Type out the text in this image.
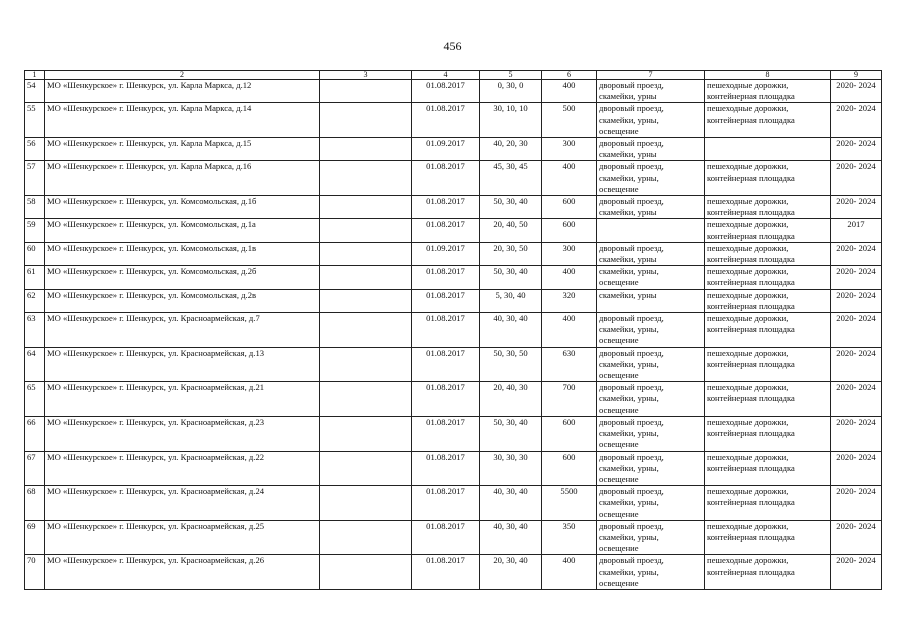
456
1	2	3	4	5	6	7	8	9
54	МО «Шенкурское» г. Шенкурск, ул. Карла Маркса, д.12		01.08.2017	0, 30, 0	400	дворовый проезд,
скамейки, урны	пешеходные дорожки,
контейнерная площадка	2020- 2024
55	МО «Шенкурское» г. Шенкурск, ул. Карла Маркса, д.14		01.08.2017	30, 10, 10	500	дворовый проезд,
скамейки, урны,
освещение	пешеходные дорожки,
контейнерная площадка	2020- 2024
56	МО «Шенкурское» г. Шенкурск, ул. Карла Маркса, д.15		01.09.2017	40, 20, 30	300	дворовый проезд,
скамейки, урны		2020- 2024
57	МО «Шенкурское» г. Шенкурск, ул. Карла Маркса, д.16		01.08.2017	45, 30, 45	400	дворовый проезд,
скамейки, урны,
освещение	пешеходные дорожки,
контейнерная площадка	2020- 2024
58	МО «Шенкурское» г. Шенкурск, ул. Комсомольская, д.1б		01.08.2017	50, 30, 40	600	дворовый проезд,
скамейки, урны	пешеходные дорожки,
контейнерная площадка	2020- 2024
59	МО «Шенкурское» г. Шенкурск, ул. Комсомольская, д.1а		01.08.2017	20, 40, 50	600		пешеходные дорожки,
контейнерная площадка	2017
60	МО «Шенкурское» г. Шенкурск, ул. Комсомольская, д.1в		01.09.2017	20, 30, 50	300	дворовый проезд,
скамейки, урны	пешеходные дорожки,
контейнерная площадка	2020- 2024
61	МО «Шенкурское» г. Шенкурск, ул. Комсомольская, д.2б		01.08.2017	50, 30, 40	400	скамейки, урны,
освещение	пешеходные дорожки,
контейнерная площадка	2020- 2024
62	МО «Шенкурское» г. Шенкурск, ул. Комсомольская, д.2в		01.08.2017	5, 30, 40	320	скамейки, урны	пешеходные дорожки,
контейнерная площадка	2020- 2024
63	МО «Шенкурское» г. Шенкурск, ул. Красноармейская, д.7		01.08.2017	40, 30, 40	400	дворовый проезд,
скамейки, урны,
освещение	пешеходные дорожки,
контейнерная площадка	2020- 2024
64	МО «Шенкурское» г. Шенкурск, ул. Красноармейская, д.13		01.08.2017	50, 30, 50	630	дворовый проезд,
скамейки, урны,
освещение	пешеходные дорожки,
контейнерная площадка	2020- 2024
65	МО «Шенкурское» г. Шенкурск, ул. Красноармейская, д.21		01.08.2017	20, 40, 30	700	дворовый проезд,
скамейки, урны,
освещение	пешеходные дорожки,
контейнерная площадка	2020- 2024
66	МО «Шенкурское» г. Шенкурск, ул. Красноармейская, д.23		01.08.2017	50, 30, 40	600	дворовый проезд,
скамейки, урны,
освещение	пешеходные дорожки,
контейнерная площадка	2020- 2024
67	МО «Шенкурское» г. Шенкурск, ул. Красноармейская, д.22		01.08.2017	30, 30, 30	600	дворовый проезд,
скамейки, урны,
освещение	пешеходные дорожки,
контейнерная площадка	2020- 2024
68	МО «Шенкурское» г. Шенкурск, ул. Красноармейская, д.24		01.08.2017	40, 30, 40	5500	дворовый проезд,
скамейки, урны,
освещение	пешеходные дорожки,
контейнерная площадка	2020- 2024
69	МО «Шенкурское» г. Шенкурск, ул. Красноармейская, д.25		01.08.2017	40, 30, 40	350	дворовый проезд,
скамейки, урны,
освещение	пешеходные дорожки,
контейнерная площадка	2020- 2024
70	МО «Шенкурское» г. Шенкурск, ул. Красноармейская, д.26		01.08.2017	20, 30, 40	400	дворовый проезд,
скамейки, урны,
освещение	пешеходные дорожки,
контейнерная площадка	2020- 2024
